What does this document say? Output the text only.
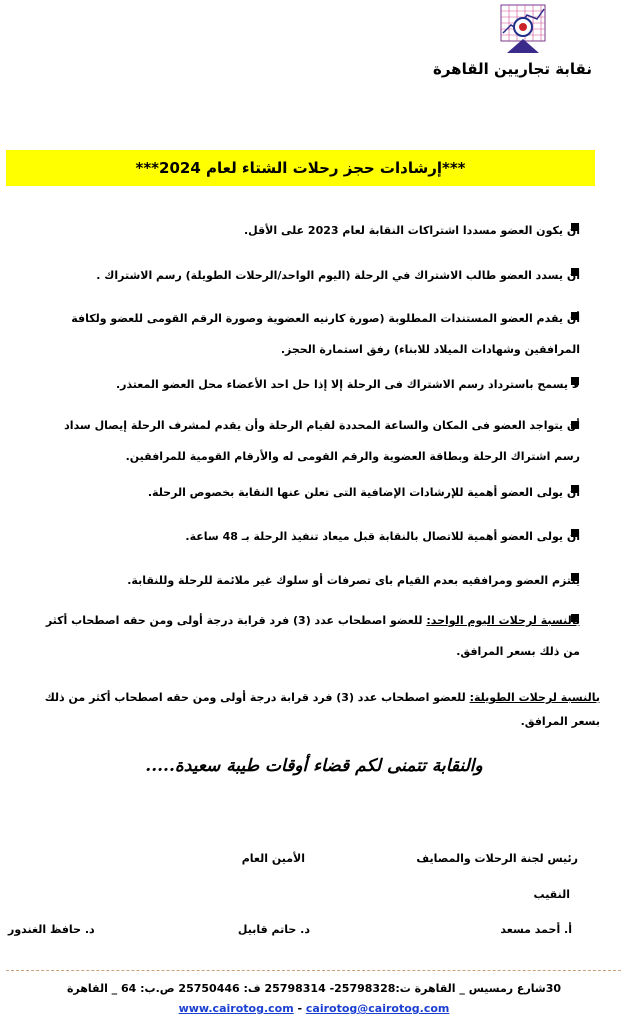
نقابة تجاريين القاهرة
***إرشادات حجز رحلات الشتاء لعام 2024***
أن يكون العضو مسددا اشتراكات النقابة لعام 2023 على الأقل.
أن يسدد العضو طالب الاشتراك في الرحلة (اليوم الواحد/الرحلات الطويلة) رسم الاشتراك .
أن يقدم العضو المستندات المطلوبة (صورة كارنيه العضوية وصورة الرقم القومى للعضو ولكافة المرافقين وشهادات الميلاد للابناء) رفق استمارة الحجز.
لا يسمح باسترداد رسم الاشتراك فى الرحلة إلا إذا حل احد الأعضاء محل العضو المعتذر.
أن يتواجد العضو فى المكان والساعة المحددة لقيام الرحلة وأن يقدم لمشرف الرحلة إيصال سداد رسم اشتراك الرحلة وبطاقة العضوية والرقم القومى له والأرقام القومية للمرافقين.
أن يولى العضو أهمية للإرشادات الإضافية التى تعلن عنها النقابة بخصوص الرحلة.
أن يولى العضو أهمية للاتصال بالنقابة قبل ميعاد تنفيذ الرحلة بـ 48 ساعة.
يلتزم العضو ومرافقيه بعدم القيام باى تصرفات أو سلوك غير ملائمة للرحلة وللنقابة.
بالنسبة لرحلات اليوم الواحد: للعضو اصطحاب عدد (3) فرد قرابة درجة أولى ومن حقه اصطحاب أكثر من ذلك بسعر المرافق.
بالنسبة لرحلات الطويلة: للعضو اصطحاب عدد (3) فرد قرابة درجة أولى ومن حقه اصطحاب أكثر من ذلك بسعر المرافق.
والنقابة تتمنى لكم قضاء أوقات طيبة سعيدة.....
رئيس لجنة الرحلات والمصايف
الأمين العام
النقيب
أ. أحمد مسعد
د. حاتم قابيل
د. حافظ الغندور
30شارع رمسيس _ القاهرة ت:25798328- 25798314 ف: 25750446 ص.ب: 64 _ القاهرة
www.cairotog.com - cairotog@cairotog.com
